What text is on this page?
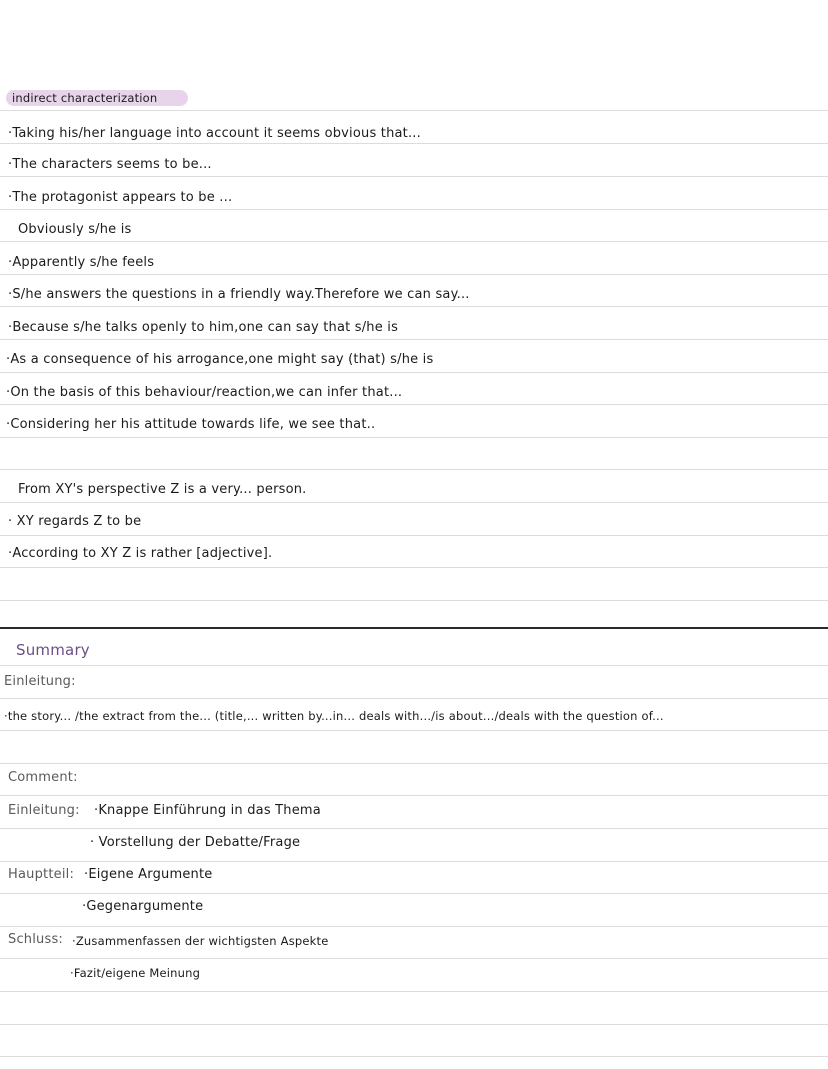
indirect characterization
·Taking his/her language into account it seems obvious that...
·The characters seems to be...
·The protagonist appears to be ...
Obviously s/he is
·Apparently s/he feels
·S/he answers the questions in a friendly way.Therefore we can say...
·Because s/he talks openly to him,one can say that s/he is
·As a consequence of his arrogance,one might say (that) s/he is
·On the basis of this behaviour/reaction,we can infer that...
·Considering her his attitude towards life, we see that..
From XY's perspective Z is a very... person.
· XY regards Z to be
·According to XY Z is rather [adjective].
Summary
Einleitung:
·the story... /the extract from the... (title,... written by...in... deals with.../is about.../deals with the question of...
Comment:
Einleitung: ·Knappe Einführung in das Thema
· Vorstellung der Debatte/Frage
Hauptteil: ·Eigene Argumente
·Gegenargumente
Schluss: ·Zusammenfassen der wichtigsten Aspekte
·Fazit/eigene Meinung
